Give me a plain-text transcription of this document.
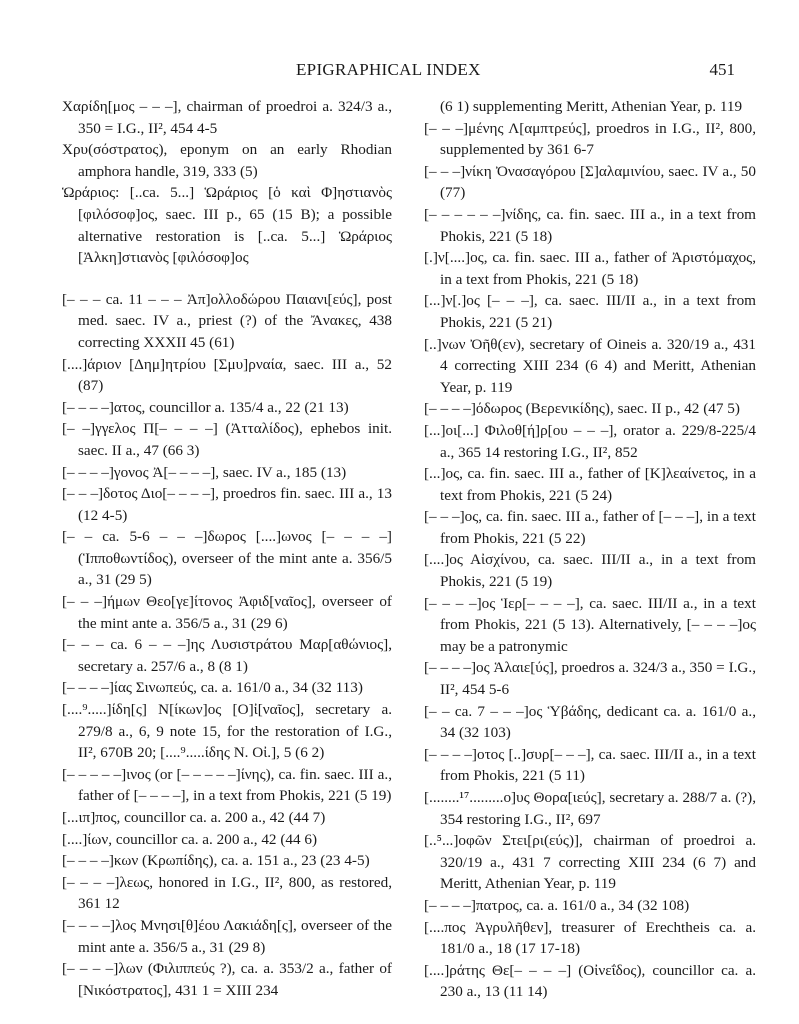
EPIGRAPHICAL INDEX	451

Χαρίδη[μος – – –], chairman of proedroi a. 324/3 a., 350 = I.G., II², 454 4-5

Χρυ(σόστρατος), eponym on an early Rhodian amphora handle, 319, 333 (5)

Ὡράριος: [..ca. 5...] Ὡράριος [ὁ καὶ Φ]ηστιανὸς [φιλόσοφ]ος, saec. III p., 65 (15 B); a possible alternative restoration is [..ca. 5...] Ὡράριος [Ἀλκη]στιανὸς [φιλόσοφ]ος

[– – – ca. 11 – – – Ἀπ]ολλοδώρου Παιανι[εύς], post med. saec. IV a., priest (?) of the Ἄνακες, 438 correcting XXXII 45 (61)

[....]άριον [Δημ]ητρίου [Σμυ]ρναία, saec. III a., 52 (87)

[– – – –]ατος, councillor a. 135/4 a., 22 (21 13)

[– –]γγελος Π[– – – –] (Ἀτταλίδος), ephebos init. saec. II a., 47 (66 3)

[– – – –]γονος Ἀ[– – – –], saec. IV a., 185 (13)

[– – –]δοτος Διο[– – – –], proedros fin. saec. III a., 13 (12 4-5)

[– – ca. 5-6 – – –]δωρος [....]ωνος [– – – –] (Ἱπποθωντίδος), overseer of the mint ante a. 356/5 a., 31 (29 5)

[– – –]ήμων Θεο[γε]ίτονος Ἀφιδ[ναῖος], overseer of the mint ante a. 356/5 a., 31 (29 6)

[– – – ca. 6 – – –]ης Λυσιστράτου Μαρ[αθώνιος], secretary a. 257/6 a., 8 (8 1)

[– – – –]ίας Σινωπεύς, ca. a. 161/0 a., 34 (32 113)

[....⁹.....]ίδη[ς] Ν[ίκων]ος [Ο]ἰ[ναῖος], secretary a. 279/8 a., 6, 9 note 15, for the restoration of I.G., II², 670B 20; [....⁹.....ίδης Ν. Οἰ.], 5 (6 2)

[– – – – –]ινος (or [– – – – –]ίνης), ca. fin. saec. III a., father of [– – – –], in a text from Phokis, 221 (5 19)

[...ιπ]πος, councillor ca. a. 200 a., 42 (44 7)

[....]ίων, councillor ca. a. 200 a., 42 (44 6)

[– – – –]κων (Κρωπίδης), ca. a. 151 a., 23 (23 4-5)

[– – – –]λεως, honored in I.G., II², 800, as restored, 361 12

[– – – –]λος Μνησι[θ]έου Λακιάδη[ς], overseer of the mint ante a. 356/5 a., 31 (29 8)

[– – – –]λων (Φιλιππεύς ?), ca. a. 353/2 a., father of [Νικόστρατος], 431 1 = XIII 234

(6 1) supplementing Meritt, Athenian Year, p. 119

[– – –]μένης Λ[αμπτρεύς], proedros in I.G., II², 800, supplemented by 361 6-7

[– – –]νίκη Ὀνασαγόρου [Σ]αλαμινίου, saec. IV a., 50 (77)

[– – – – – –]νίδης, ca. fin. saec. III a., in a text from Phokis, 221 (5 18)

[.]ν[....]ος, ca. fin. saec. III a., father of Ἀριστόμαχος, in a text from Phokis, 221 (5 18)

[...]ν[.]ος [– – –], ca. saec. III/II a., in a text from Phokis, 221 (5 21)

[..]νων Ὀῆθ(εν), secretary of Oineis a. 320/19 a., 431 4 correcting XIII 234 (6 4) and Meritt, Athenian Year, p. 119

[– – – –]όδωρος (Βερενικίδης), saec. II p., 42 (47 5)

[...]οι[...] Φιλοθ[ή]ρ[ου – – –], orator a. 229/8-225/4 a., 365 14 restoring I.G., II², 852

[...]ος, ca. fin. saec. III a., father of [Κ]λεαίνετος, in a text from Phokis, 221 (5 24)

[– – –]ος, ca. fin. saec. III a., father of [– – –], in a text from Phokis, 221 (5 22)

[....]ος Αἰσχίνου, ca. saec. III/II a., in a text from Phokis, 221 (5 19)

[– – – –]ος Ἱερ[– – – –], ca. saec. III/II a., in a text from Phokis, 221 (5 13). Alternatively, [– – – –]ος may be a patronymic

[– – – –]ος Ἁλαιε[ύς], proedros a. 324/3 a., 350 = I.G., II², 454 5-6

[– – ca. 7 – – –]ος Ὑβάδης, dedicant ca. a. 161/0 a., 34 (32 103)

[– – – –]οτος [..]συρ[– – –], ca. saec. III/II a., in a text from Phokis, 221 (5 11)

[........¹⁷.........ο]υς Θορα[ιεύς], secretary a. 288/7 a. (?), 354 restoring I.G., II², 697

[..⁵...]οφῶν Στει[ρι(εύς)], chairman of proedroi a. 320/19 a., 431 7 correcting XIII 234 (6 7) and Meritt, Athenian Year, p. 119

[– – – –]πατρος, ca. a. 161/0 a., 34 (32 108)

[....πος Ἀγρυλῆθεν], treasurer of Erechtheis ca. a. 181/0 a., 18 (17 17-18)

[....]ράτης Θε[– – – –] (Οἰνεΐδος), councillor ca. a. 230 a., 13 (11 14)
